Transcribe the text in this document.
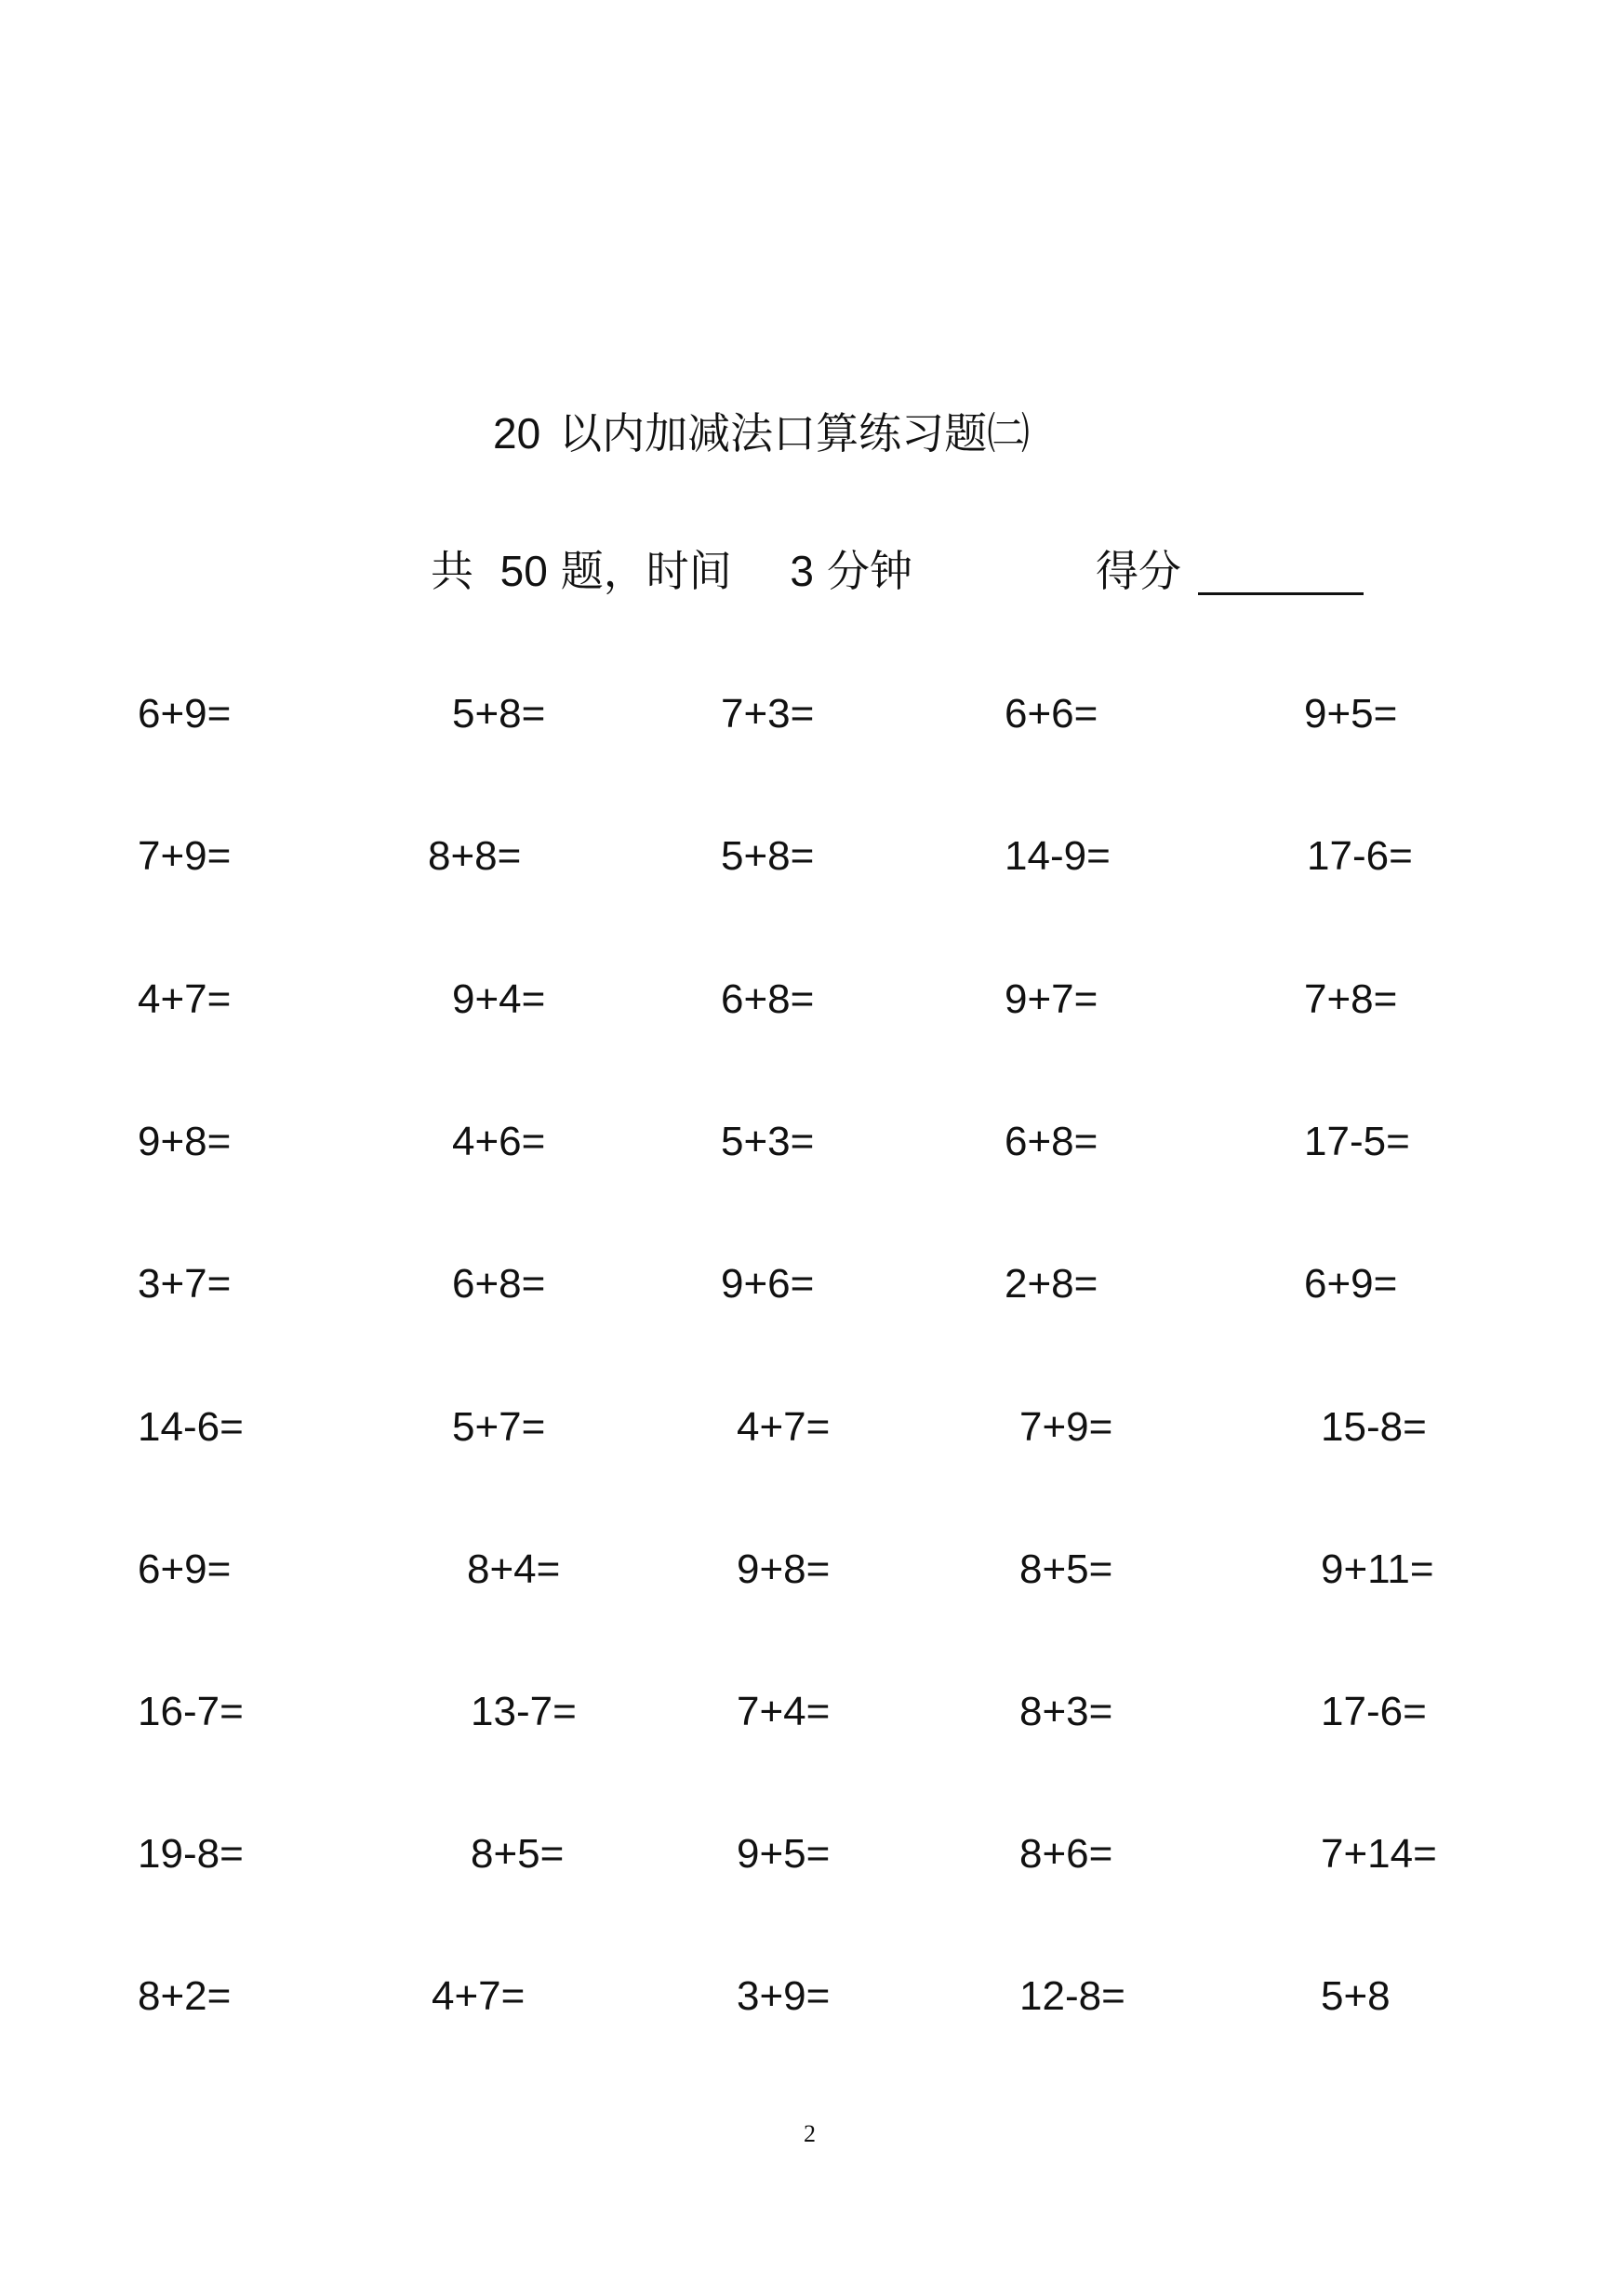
20 以内加减法口算练习题㈡
共 50 题，时间 3 分钟	得分
6+9=	5+8=	7+3=	6+6=	9+5=
7+9=	8+8=	5+8=	14-9=	17-6=
4+7=	9+4=	6+8=	9+7=	7+8=
9+8=	4+6=	5+3=	6+8=	17-5=
3+7=	6+8=	9+6=	2+8=	6+9=
14-6=	5+7=	4+7=	7+9=	15-8=
6+9=	8+4=	9+8=	8+5=	9+11=
16-7=	13-7=	7+4=	8+3=	17-6=
19-8=	8+5=	9+5=	8+6=	7+14=
8+2=	4+7=	3+9=	12-8=	5+8
2
